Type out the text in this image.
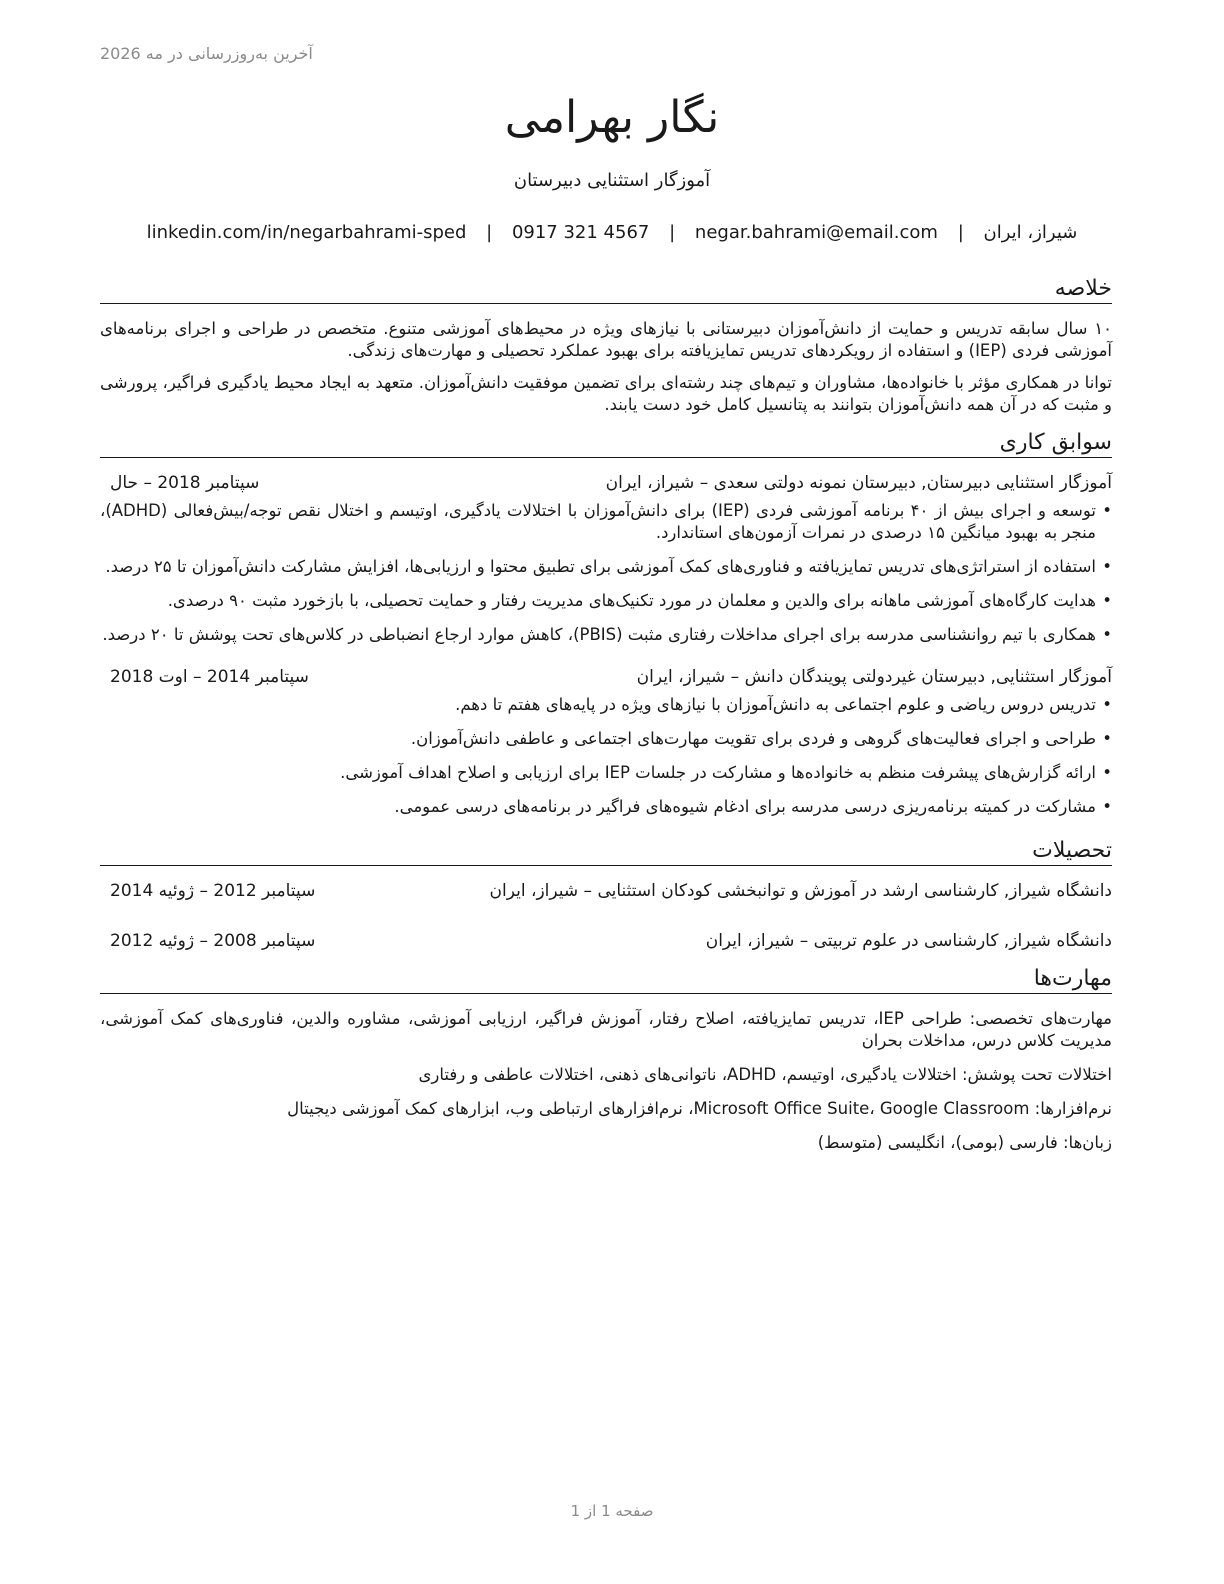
آخرین به‌روزرسانی در مه 2026
نگار بهرامی
آموزگار استثنایی دبیرستان
شیراز، ایران | negar.bahrami@email.com | 0917 321 4567 | linkedin.com/in/negarbahrami-sped
خلاصه

۱۰ سال سابقه تدریس و حمایت از دانش‌آموزان دبیرستانی با نیازهای ویژه در محیط‌های آموزشی متنوع. متخصص در طراحی و اجرای برنامه‌های آموزشی فردی (IEP) و استفاده از رویکردهای تدریس تمایزیافته برای بهبود عملکرد تحصیلی و مهارت‌های زندگی.

توانا در همکاری مؤثر با خانواده‌ها، مشاوران و تیم‌های چند رشته‌ای برای تضمین موفقیت دانش‌آموزان. متعهد به ایجاد محیط یادگیری فراگیر، پرورشی و مثبت که در آن همه دانش‌آموزان بتوانند به پتانسیل کامل خود دست یابند.

سوابق کاری
آموزگار استثنایی دبیرستان, دبیرستان نمونه دولتی سعدی – شیراز، ایران
سپتامبر 2018 – حال
• توسعه و اجرای بیش از ۴۰ برنامه آموزشی فردی (IEP) برای دانش‌آموزان با اختلالات یادگیری، اوتیسم و اختلال نقص توجه/بیش‌فعالی (ADHD)، منجر به بهبود میانگین ۱۵ درصدی در نمرات آزمون‌های استاندارد.
• استفاده از استراتژی‌های تدریس تمایزیافته و فناوری‌های کمک آموزشی برای تطبیق محتوا و ارزیابی‌ها، افزایش مشارکت دانش‌آموزان تا ۲۵ درصد.
• هدایت کارگاه‌های آموزشی ماهانه برای والدین و معلمان در مورد تکنیک‌های مدیریت رفتار و حمایت تحصیلی، با بازخورد مثبت ۹۰ درصدی.
• همکاری با تیم روانشناسی مدرسه برای اجرای مداخلات رفتاری مثبت (PBIS)، کاهش موارد ارجاع انضباطی در کلاس‌های تحت پوشش تا ۲۰ درصد.
آموزگار استثنایی, دبیرستان غیردولتی پویندگان دانش – شیراز، ایران
سپتامبر 2014 – اوت 2018
• تدریس دروس ریاضی و علوم اجتماعی به دانش‌آموزان با نیازهای ویژه در پایه‌های هفتم تا دهم.
• طراحی و اجرای فعالیت‌های گروهی و فردی برای تقویت مهارت‌های اجتماعی و عاطفی دانش‌آموزان.
• ارائه گزارش‌های پیشرفت منظم به خانواده‌ها و مشارکت در جلسات IEP برای ارزیابی و اصلاح اهداف آموزشی.
• مشارکت در کمیته برنامه‌ریزی درسی مدرسه برای ادغام شیوه‌های فراگیر در برنامه‌های درسی عمومی.
تحصیلات
دانشگاه شیراز, کارشناسی ارشد در آموزش و توانبخشی کودکان استثنایی – شیراز، ایران
سپتامبر 2012 – ژوئیه 2014
دانشگاه شیراز, کارشناسی در علوم تربیتی – شیراز، ایران
سپتامبر 2008 – ژوئیه 2012
مهارت‌ها

مهارت‌های تخصصی: طراحی IEP، تدریس تمایزیافته، اصلاح رفتار، آموزش فراگیر، ارزیابی آموزشی، مشاوره والدین، فناوری‌های کمک آموزشی، مدیریت کلاس درس، مداخلات بحران

اختلالات تحت پوشش: اختلالات یادگیری، اوتیسم، ADHD، ناتوانی‌های ذهنی، اختلالات عاطفی و رفتاری

نرم‌افزارها: Microsoft Office Suite، Google Classroom، نرم‌افزارهای ارتباطی وب، ابزارهای کمک آموزشی دیجیتال

زبان‌ها: فارسی (بومی)، انگلیسی (متوسط)

صفحه 1 از 1
